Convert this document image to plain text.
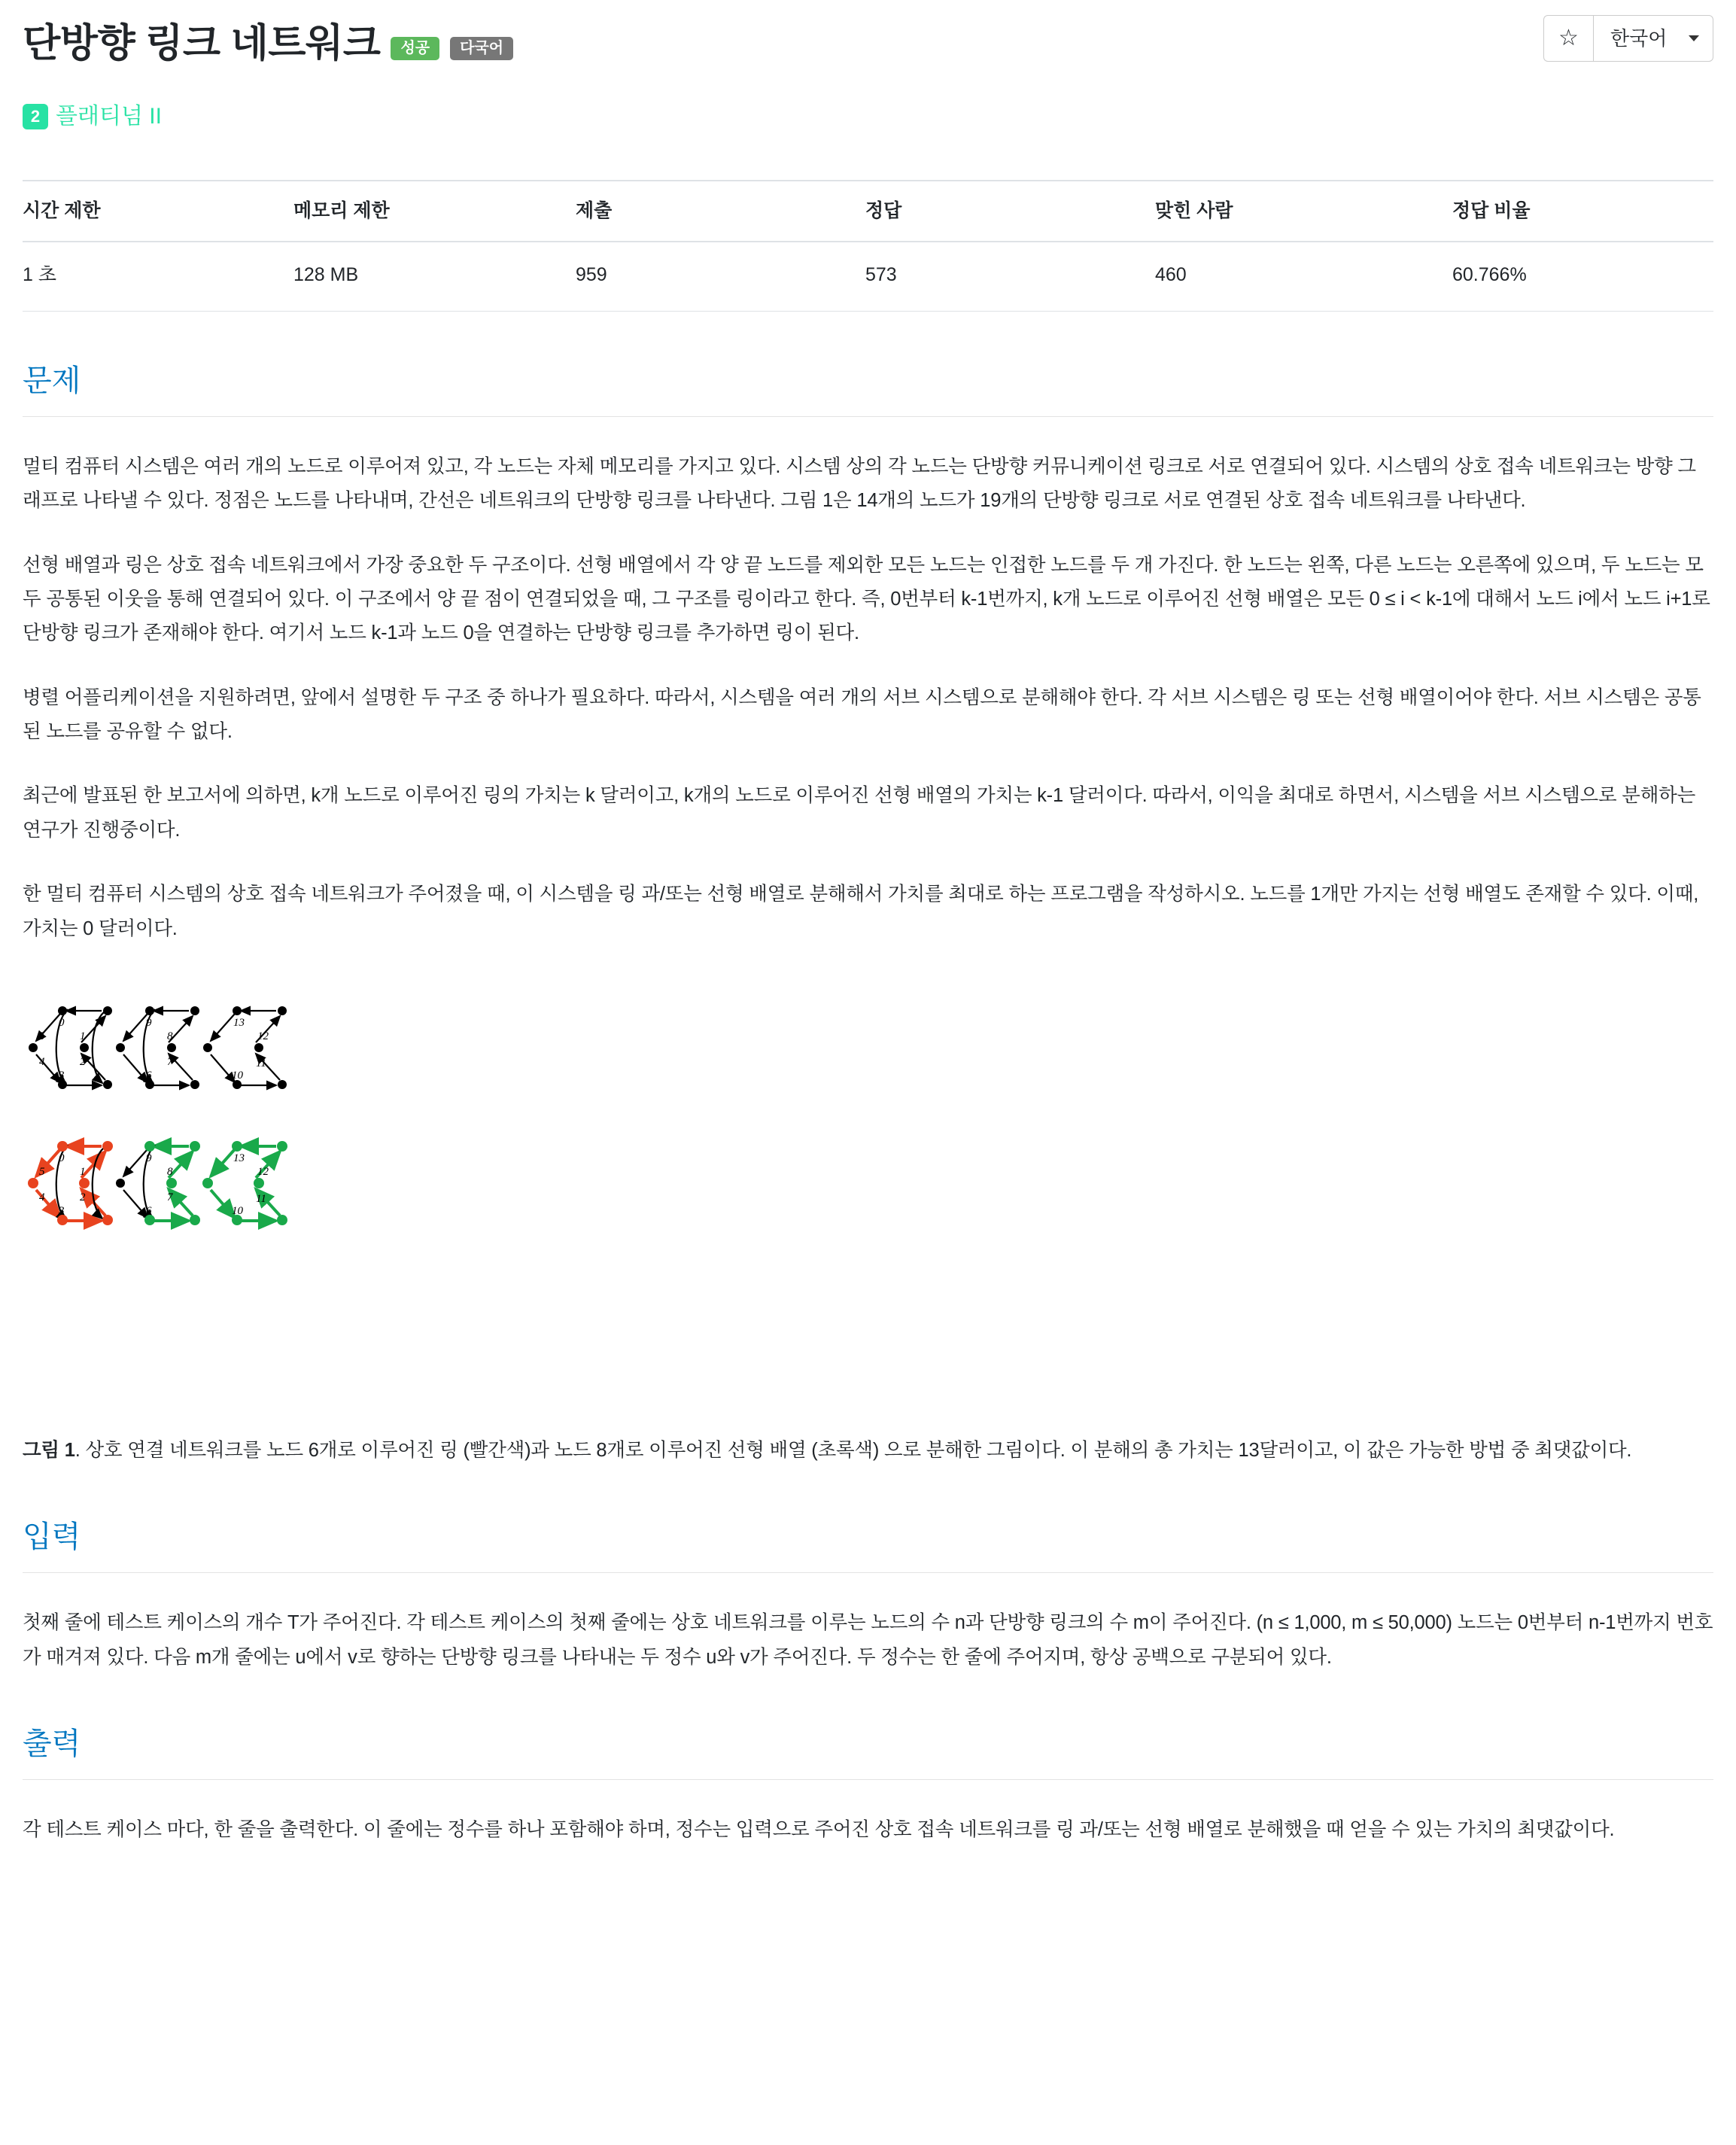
단방향 링크 네트워크	성공	다국어
2 플래티넘 II
☆	한국어
시간 제한	메모리 제한	제출	정답	맞힌 사람	정답 비율
1 초	128 MB	959	573	460	60.766%
문제

멀티 컴퓨터 시스템은 여러 개의 노드로 이루어져 있고, 각 노드는 자체 메모리를 가지고 있다. 시스템 상의 각 노드는 단방향 커뮤니케이션 링크로 서로 연결되어 있다. 시스템의 상호 접속 네트워크는 방향 그래프로 나타낼 수 있다. 정점은 노드를 나타내며, 간선은 네트워크의 단방향 링크를 나타낸다. 그림 1은 14개의 노드가 19개의 단방향 링크로 서로 연결된 상호 접속 네트워크를 나타낸다.

선형 배열과 링은 상호 접속 네트워크에서 가장 중요한 두 구조이다. 선형 배열에서 각 양 끝 노드를 제외한 모든 노드는 인접한 노드를 두 개 가진다. 한 노드는 왼쪽, 다른 노드는 오른쪽에 있으며, 두 노드는 모두 공통된 이웃을 통해 연결되어 있다. 이 구조에서 양 끝 점이 연결되었을 때, 그 구조를 링이라고 한다. 즉, 0번부터 k-1번까지, k개 노드로 이루어진 선형 배열은 모든 0 ≤ i < k-1에 대해서 노드 i에서 노드 i+1로 단방향 링크가 존재해야 한다. 여기서 노드 k-1과 노드 0을 연결하는 단방향 링크를 추가하면 링이 된다.

병렬 어플리케이션을 지원하려면, 앞에서 설명한 두 구조 중 하나가 필요하다. 따라서, 시스템을 여러 개의 서브 시스템으로 분해해야 한다. 각 서브 시스템은 링 또는 선형 배열이어야 한다. 서브 시스템은 공통된 노드를 공유할 수 없다.

최근에 발표된 한 보고서에 의하면, k개 노드로 이루어진 링의 가치는 k 달러이고, k개의 노드로 이루어진 선형 배열의 가치는 k-1 달러이다. 따라서, 이익을 최대로 하면서, 시스템을 서브 시스템으로 분해하는 연구가 진행중이다.

한 멀티 컴퓨터 시스템의 상호 접속 네트워크가 주어졌을 때, 이 시스템을 링 과/또는 선형 배열로 분해해서 가치를 최대로 하는 프로그램을 작성하시오. 노드를 1개만 가지는 선형 배열도 존재할 수 있다. 이때, 가치는 0 달러이다.

0
1
2
3
4
5
9
8
7
6
13
12
11
10
0
1
2
3
4
5
9
8
7
6
13
12
11
10

그림 1. 상호 연결 네트워크를 노드 6개로 이루어진 링 (빨간색)과 노드 8개로 이루어진 선형 배열 (초록색) 으로 분해한 그림이다. 이 분해의 총 가치는 13달러이고, 이 값은 가능한 방법 중 최댓값이다.

입력

첫째 줄에 테스트 케이스의 개수 T가 주어진다. 각 테스트 케이스의 첫째 줄에는 상호 네트워크를 이루는 노드의 수 n과 단방향 링크의 수 m이 주어진다. (n ≤ 1,000, m ≤ 50,000) 노드는 0번부터 n-1번까지 번호가 매겨져 있다. 다음 m개 줄에는 u에서 v로 향하는 단방향 링크를 나타내는 두 정수 u와 v가 주어진다. 두 정수는 한 줄에 주어지며, 항상 공백으로 구분되어 있다.

출력

각 테스트 케이스 마다, 한 줄을 출력한다. 이 줄에는 정수를 하나 포함해야 하며, 정수는 입력으로 주어진 상호 접속 네트워크를 링 과/또는 선형 배열로 분해했을 때 얻을 수 있는 가치의 최댓값이다.
